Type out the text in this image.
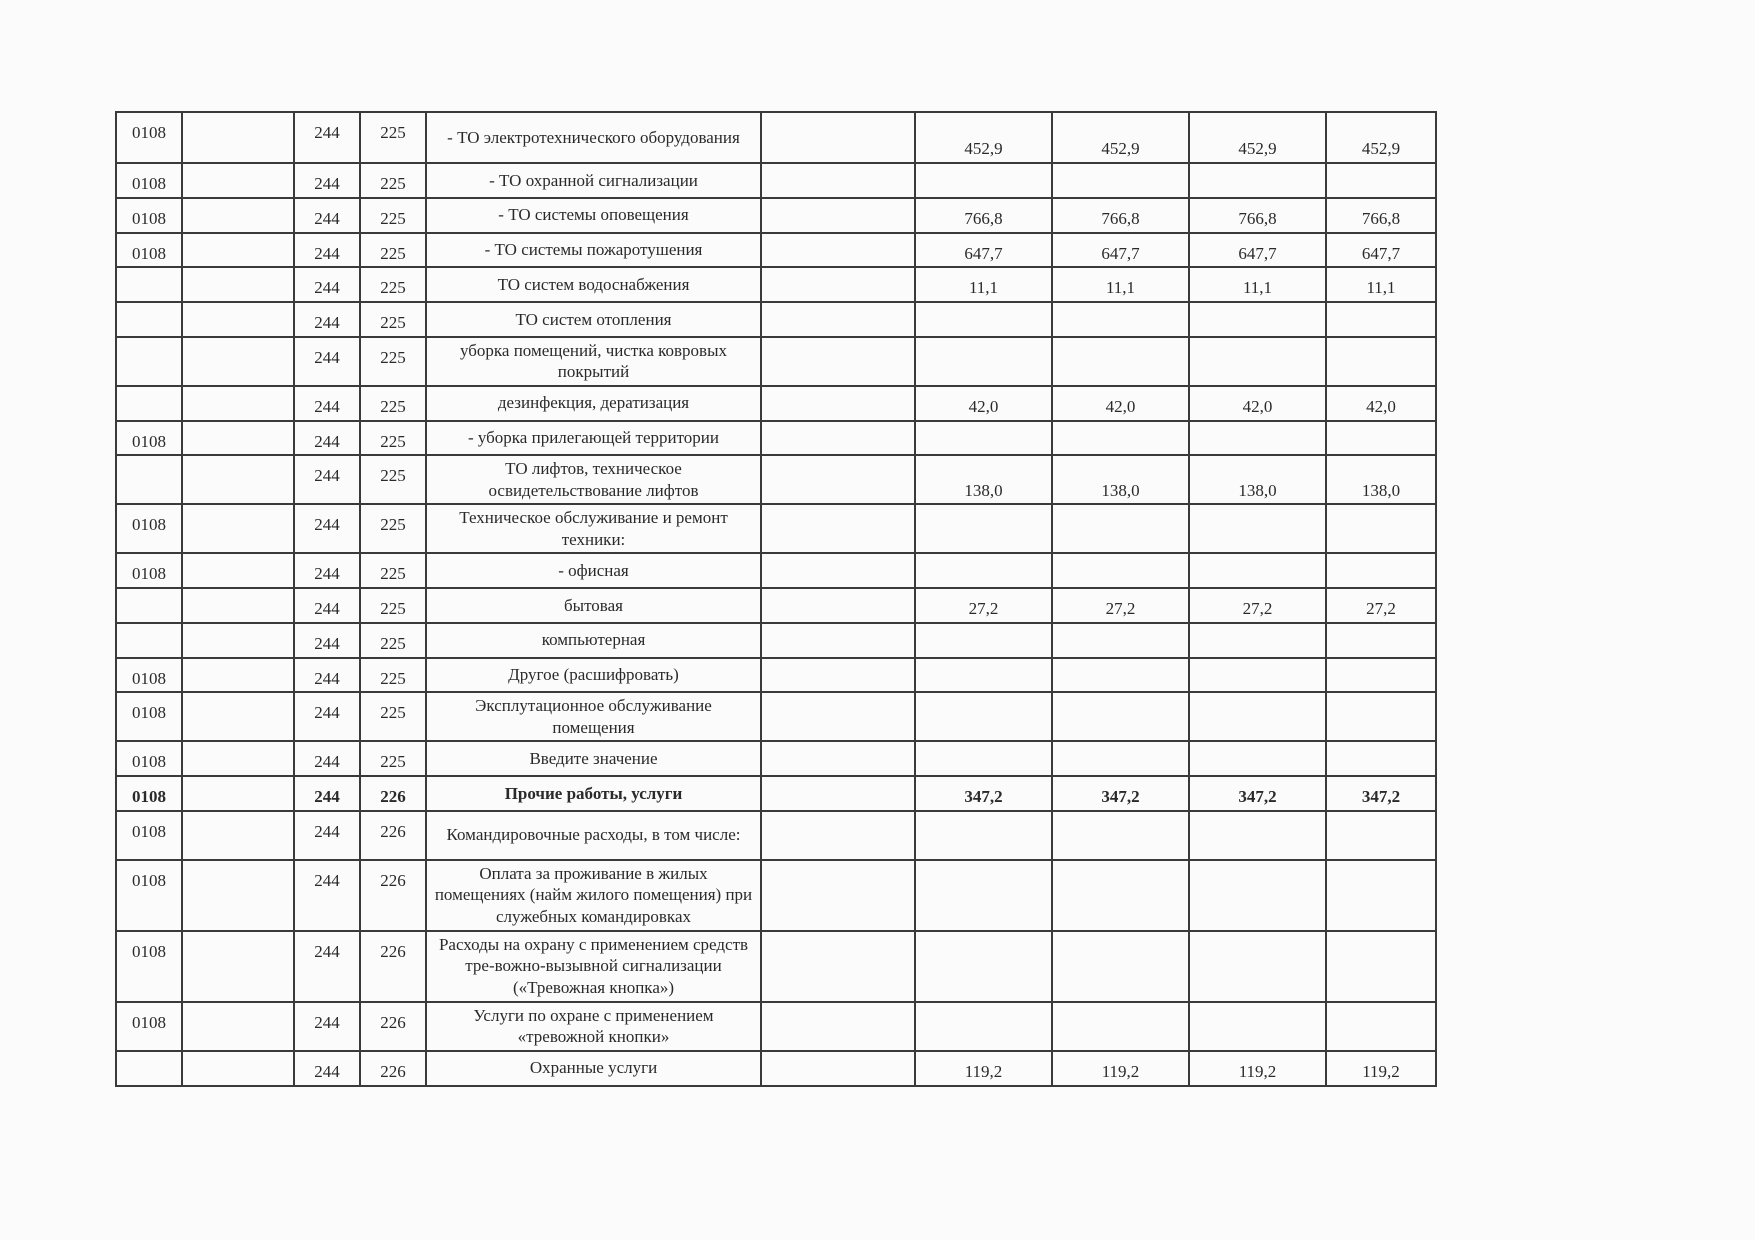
0108		244	225	- ТО электротехнического оборудования		452,9	452,9	452,9	452,9
0108		244	225	- ТО охранной сигнализации					
0108		244	225	- ТО системы оповещения		766,8	766,8	766,8	766,8
0108		244	225	- ТО системы пожаротушения		647,7	647,7	647,7	647,7
		244	225	ТО систем водоснабжения		11,1	11,1	11,1	11,1
		244	225	ТО систем отопления					
		244	225	уборка помещений, чистка ковровых покрытий					
		244	225	дезинфекция, дератизация		42,0	42,0	42,0	42,0
0108		244	225	- уборка прилегающей территории					
		244	225	ТО лифтов, техническое освидетельствование лифтов		138,0	138,0	138,0	138,0
0108		244	225	Техническое обслуживание и ремонт техники:					
0108		244	225	- офисная					
		244	225	бытовая		27,2	27,2	27,2	27,2
		244	225	компьютерная					
0108		244	225	Другое (расшифровать)					
0108		244	225	Эксплутационное обслуживание помещения					
0108		244	225	Введите значение					
0108		244	226	Прочие работы, услуги		347,2	347,2	347,2	347,2
0108		244	226	Командировочные расходы, в том числе:					
0108		244	226	Оплата за проживание в жилых помещениях (найм жилого помещения) при служебных командировках					
0108		244	226	Расходы на охрану с применением средств тре-вожно-вызывной сигнализации («Тревожная кнопка»)					
0108		244	226	Услуги по охране с применением «тревожной кнопки»					
		244	226	Охранные услуги		119,2	119,2	119,2	119,2
